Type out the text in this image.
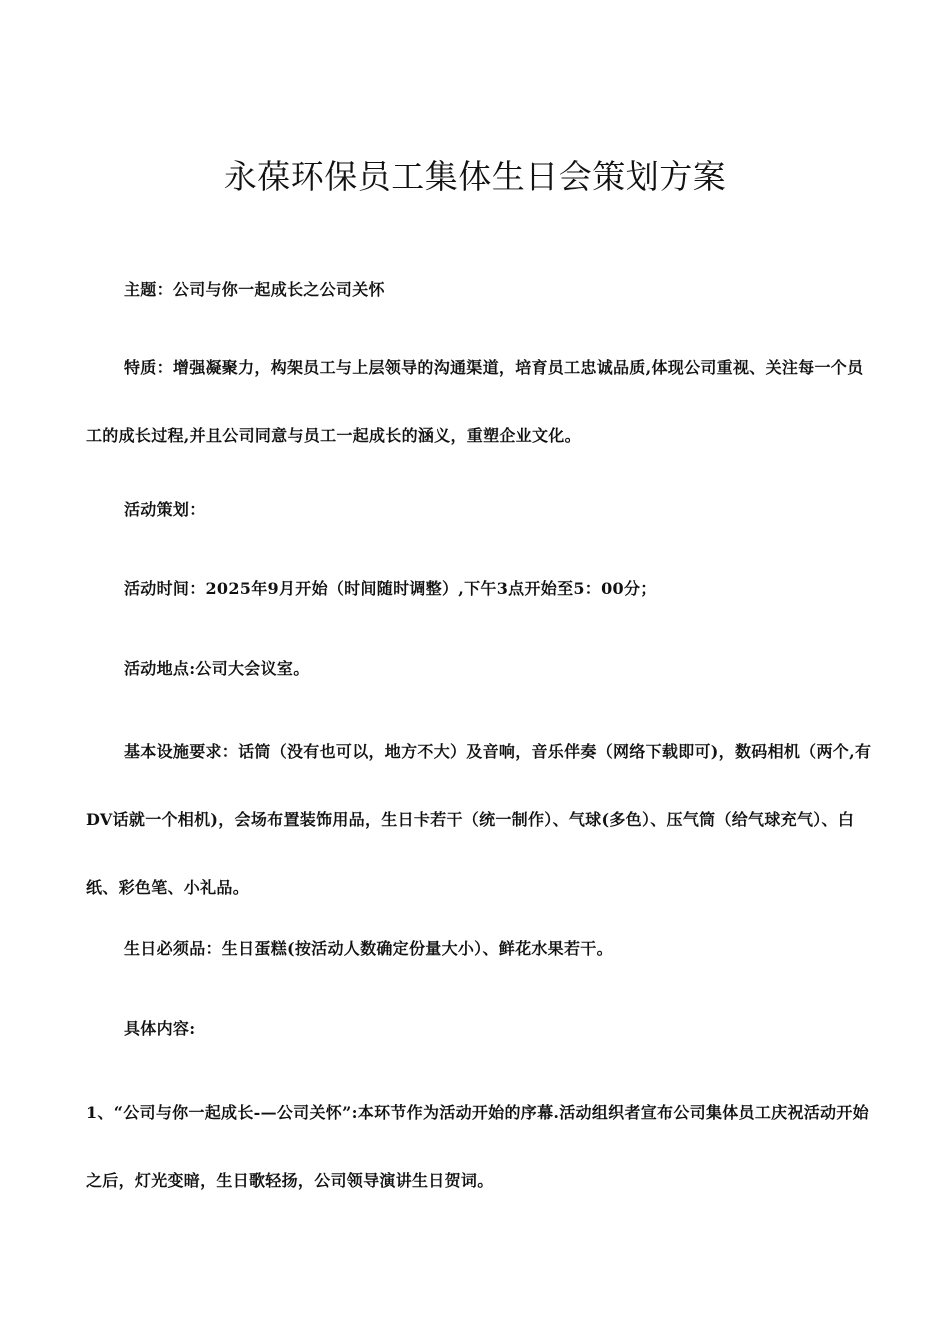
永葆环保员工集体生日会策划方案

主题：公司与你一起成长之公司关怀

特质：增强凝聚力，构架员工与上层领导的沟通渠道，培育员工忠诚品质,体现公司重视、关注每一个员工的成长过程,并且公司同意与员工一起成长的涵义，重塑企业文化。

活动策划：

活动时间：2025年9月开始（时间随时调整）,下午3点开始至5：00分；

活动地点:公司大会议室。

基本设施要求：话筒（没有也可以，地方不大）及音响，音乐伴奏（网络下载即可)，数码相机（两个,有DV话就一个相机)，会场布置装饰用品，生日卡若干（统一制作）、气球(多色）、压气筒（给气球充气）、白纸、彩色笔、小礼品。

生日必须品：生日蛋糕(按活动人数确定份量大小）、鲜花水果若干。

具体内容:

1、“公司与你一起成长-—公司关怀”:本环节作为活动开始的序幕.活动组织者宣布公司集体员工庆祝活动开始之后，灯光变暗，生日歌轻扬，公司领导演讲生日贺词。
